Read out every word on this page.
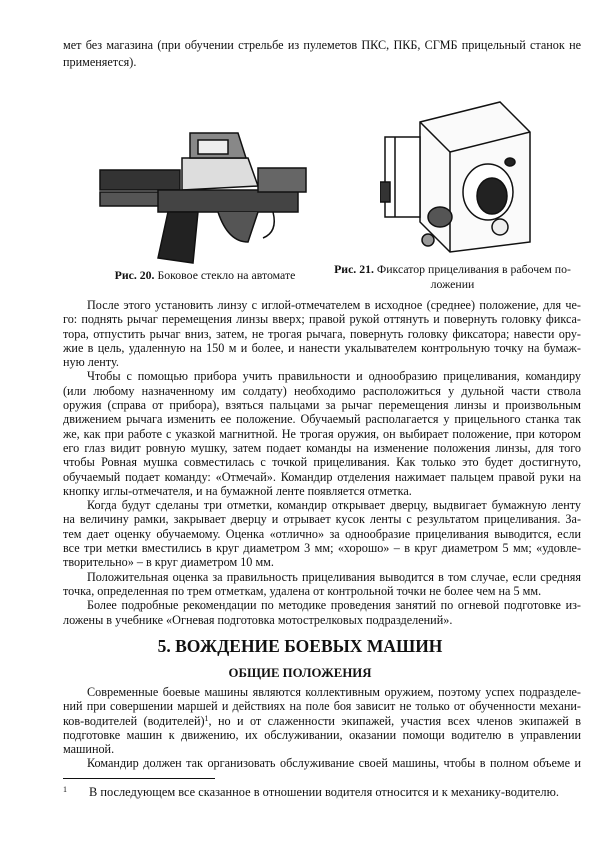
мет без магазина (при обучении стрельбе из пулеметов ПКС, ПКБ, СГМБ прицельный станок не
применяется).
Рис. 20. Боковое стекло на автомате	Рис. 21. Фиксатор прицеливания в рабочем по-
ложении
После этого установить линзу с иглой-отмечателем в исходное (среднее) положение, для че-
го: поднять рычаг перемещения линзы вверх; правой рукой оттянуть и повернуть головку фикса-
тора, отпустить рычаг вниз, затем, не трогая рычага, повернуть головку фиксатора; навести ору-
жие в цель, удаленную на 150 м и более, и нанести укалывателем контрольную точку на бумаж-
ную ленту.
Чтобы с помощью прибора учить правильности и однообразию прицеливания, командиру
(или любому назначенному им солдату) необходимо расположиться у дульной части ствола
оружия (справа от прибора), взяться пальцами за рычаг перемещения линзы и произвольным
движением рычага изменить ее положение. Обучаемый располагается у прицельного станка так
же, как при работе с указкой магнитной. Не трогая оружия, он выбирает положение, при котором
его глаз видит ровную мушку, затем подает команды на изменение положения линзы, для того
чтобы Ровная мушка совместилась с точкой прицеливания. Как только это будет достигнуто,
обучаемый подает команду: «Отмечай». Командир отделения нажимает пальцем правой руки на
кнопку иглы-отмечателя, и на бумажной ленте появляется отметка.
Когда будут сделаны три отметки, командир открывает дверцу, выдвигает бумажную ленту
на величину рамки, закрывает дверцу и отрывает кусок ленты с результатом прицеливания. За-
тем дает оценку обучаемому. Оценка «отлично» за однообразие прицеливания выводится, если
все три метки вместились в круг диаметром 3 мм; «хорошо» – в круг диаметром 5 мм; «удовле-
творительно» – в круг диаметром 10 мм.
Положительная оценка за правильность прицеливания выводится в том случае, если средняя
точка, определенная по трем отметкам, удалена от контрольной точки не более чем на 5 мм.
Более подробные рекомендации по методике проведения занятий по огневой подготовке из-
ложены в учебнике «Огневая подготовка мотострелковых подразделений».
5. ВОЖДЕНИЕ БОЕВЫХ МАШИН
ОБЩИЕ ПОЛОЖЕНИЯ
Современные боевые машины являются коллективным оружием, поэтому успех подразделе-
ний при совершении маршей и действиях на поле боя зависит не только от обученности механи-
ков-водителей (водителей)$^1$, но и от слаженности экипажей, участия всех членов экипажей в
подготовке машин к движению, их обслуживании, оказании помощи водителю в управлении
машиной.
Командир должен так организовать обслуживание своей машины, чтобы в полном объеме и
$^1$ В последующем все сказанное в отношении водителя относится и к механику-водителю.
